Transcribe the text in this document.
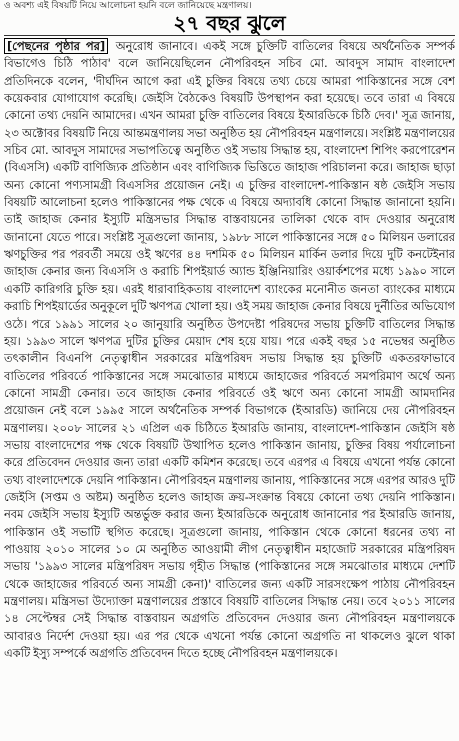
ও অবশ্য এই বিষয়টি নিয়ে আলোচনা হয়নি বলে জানিয়েছে মন্ত্রণালয়।
২৭ বছর ঝুলে
[পেছনের পৃষ্ঠার পর] অনুরোধ জানাবে। একই সঙ্গে চুক্তিটি বাতিলের বিষয়ে অর্থনৈতিক সম্পর্ক বিভাগেও চিঠি পাঠাব' বলে জানিয়েছিলেন নৌপরিবহন সচিব মো. আবদুস সামাদ বাংলাদেশ প্রতিদিনকে বলেন, 'দীর্ঘদিন আগে করা এই চুক্তির বিষয়ে তথ্য চেয়ে আমরা পাকিস্তানের সঙ্গে বেশ কয়েকবার যোগাযোগ করেছি। জেইসি বৈঠকেও বিষয়টি উপস্থাপন করা হয়েছে। তবে তারা এ বিষয়ে কোনো তথ্য দেয়নি আমাদের। এখন আমরা চুক্তি বাতিলের বিষয়ে ইআরডিকে চিঠি দেব।' সূত্র জানায়, ২৩ অক্টোবর বিষয়টি নিয়ে আন্তমন্ত্রণালয় সভা অনুষ্ঠিত হয় নৌপরিবহন মন্ত্রণালয়ে। সংশ্লিষ্ট মন্ত্রণালয়ের সচিব মো. আবদুস সামাদের সভাপতিত্বে অনুষ্ঠিত ওই সভায় সিদ্ধান্ত হয়, বাংলাদেশ শিপিং করপোরেশন (বিএসসি) একটি বাণিজ্যিক প্রতিষ্ঠান এবং বাণিজ্যিক ভিত্তিতে জাহাজ পরিচালনা করে। জাহাজ ছাড়া অন্য কোনো পণ্যসামগ্রী বিএসসির প্রয়োজন নেই। এ চুক্তির বাংলাদেশ-পাকিস্তান ষষ্ঠ জেইসি সভায় বিষয়টি আলোচনা হলেও পাকিস্তানের পক্ষ থেকে এ বিষয়ে অদ্যাবধি কোনো সিদ্ধান্ত জানানো হয়নি। তাই জাহাজ কেনার ইস্যুটি মন্ত্রিসভার সিদ্ধান্ত বাস্তবায়নের তালিকা থেকে বাদ দেওয়ার অনুরোধ জানানো যেতে পারে। সংশ্লিষ্ট সূত্রগুলো জানায়, ১৯৮৮ সালে পাকিস্তানের সঙ্গে ৫০ মিলিয়ন ডলারের ঋণচুক্তির পর পরবর্তী সময়ে ওই ঋণের ৪৪ দশমিক ৫০ মিলিয়ন মার্কিন ডলার দিয়ে দুটি কনটেইনার জাহাজ কেনার জন্য বিএসসি ও করাচি শিপইয়ার্ড অ্যান্ড ইঞ্জিনিয়ারিং ওয়ার্কশপের মধ্যে ১৯৯০ সালে একটি কারিগরি চুক্তি হয়। এরই ধারাবাহিকতায় বাংলাদেশ ব্যাংকের মনোনীত জনতা ব্যাংকের মাধ্যমে করাচি শিপইয়ার্ডের অনুকূলে দুটি ঋণপত্র খোলা হয়। ওই সময় জাহাজ কেনার বিষয়ে দুর্নীতির অভিযোগ ওঠে। পরে ১৯৯১ সালের ২০ জানুয়ারি অনুষ্ঠিত উপদেষ্টা পরিষদের সভায় চুক্তিটি বাতিলের সিদ্ধান্ত হয়। ১৯৯৩ সালে ঋণপত্র দুটির চুক্তির মেয়াদ শেষ হয়ে যায়। পরে একই বছর ১৫ নভেম্বর অনুষ্ঠিত তৎকালীন বিএনপি নেতৃত্বাধীন সরকারের মন্ত্রিপরিষদ সভায় সিদ্ধান্ত হয় চুক্তিটি একতরফাভাবে বাতিলের পরিবর্তে পাকিস্তানের সঙ্গে সমঝোতার মাধ্যমে জাহাজের পরিবর্তে সমপরিমাণ অর্থে অন্য কোনো সামগ্রী কেনার। তবে জাহাজ কেনার পরিবর্তে ওই ঋণে অন্য কোনো সামগ্রী আমদানির প্রয়োজন নেই বলে ১৯৯৫ সালে অর্থনৈতিক সম্পর্ক বিভাগকে (ইআরডি) জানিয়ে দেয় নৌপরিবহন মন্ত্রণালয়। ২০০৮ সালের ২১ এপ্রিল এক চিঠিতে ইআরডি জানায়, বাংলাদেশ-পাকিস্তান জেইসি ষষ্ঠ সভায় বাংলাদেশের পক্ষ থেকে বিষয়টি উত্থাপিত হলেও পাকিস্তান জানায়, চুক্তির বিষয় পর্যালোচনা করে প্রতিবেদন দেওয়ার জন্য তারা একটি কমিশন করেছে। তবে এরপর এ বিষয়ে এখনো পর্যন্ত কোনো তথ্য বাংলাদেশকে দেয়নি পাকিস্তান। নৌপরিবহন মন্ত্রণালয় জানায়, পাকিস্তানের সঙ্গে এরপর আরও দুটি জেইসি (সপ্তম ও অষ্টম) অনুষ্ঠিত হলেও জাহাজ ক্রয়-সংক্রান্ত বিষয়ে কোনো তথ্য দেয়নি পাকিস্তান। নবম জেইসি সভায় ইস্যুটি অন্তর্ভুক্ত করার জন্য ইআরডিকে অনুরোধ জানানোর পর ইআরডি জানায়, পাকিস্তান ওই সভাটি স্থগিত করেছে। সূত্রগুলো জানায়, পাকিস্তান থেকে কোনো ধরনের তথ্য না পাওয়ায় ২০১০ সালের ১০ মে অনুষ্ঠিত আওয়ামী লীগ নেতৃত্বাধীন মহাজোট সরকারের মন্ত্রিপরিষদ সভায় '১৯৯৩ সালের মন্ত্রিপরিষদ সভায় গৃহীত সিদ্ধান্ত (পাকিস্তানের সঙ্গে সমঝোতার মাধ্যমে দেশটি থেকে জাহাজের পরিবর্তে অন্য সামগ্রী কেনা)' বাতিলের জন্য একটি সারসংক্ষেপ পাঠায় নৌপরিবহন মন্ত্রণালয়। মন্ত্রিসভা উদ্যোক্তা মন্ত্রণালয়ের প্রস্তাবে বিষয়টি বাতিলের সিদ্ধান্ত নেয়। তবে ২০১১ সালের ১৪ সেপ্টেম্বর সেই সিদ্ধান্ত বাস্তবায়ন অগ্রগতি প্রতিবেদন দেওয়ার জন্য নৌপরিবহন মন্ত্রণালয়কে আবারও নির্দেশ দেওয়া হয়। এর পর থেকে এখনো পর্যন্ত কোনো অগ্রগতি না থাকলেও ঝুলে থাকা একটি ইস্যু সম্পর্কে অগ্রগতি প্রতিবেদন দিতে হচ্ছে নৌপরিবহন মন্ত্রণালয়কে।
